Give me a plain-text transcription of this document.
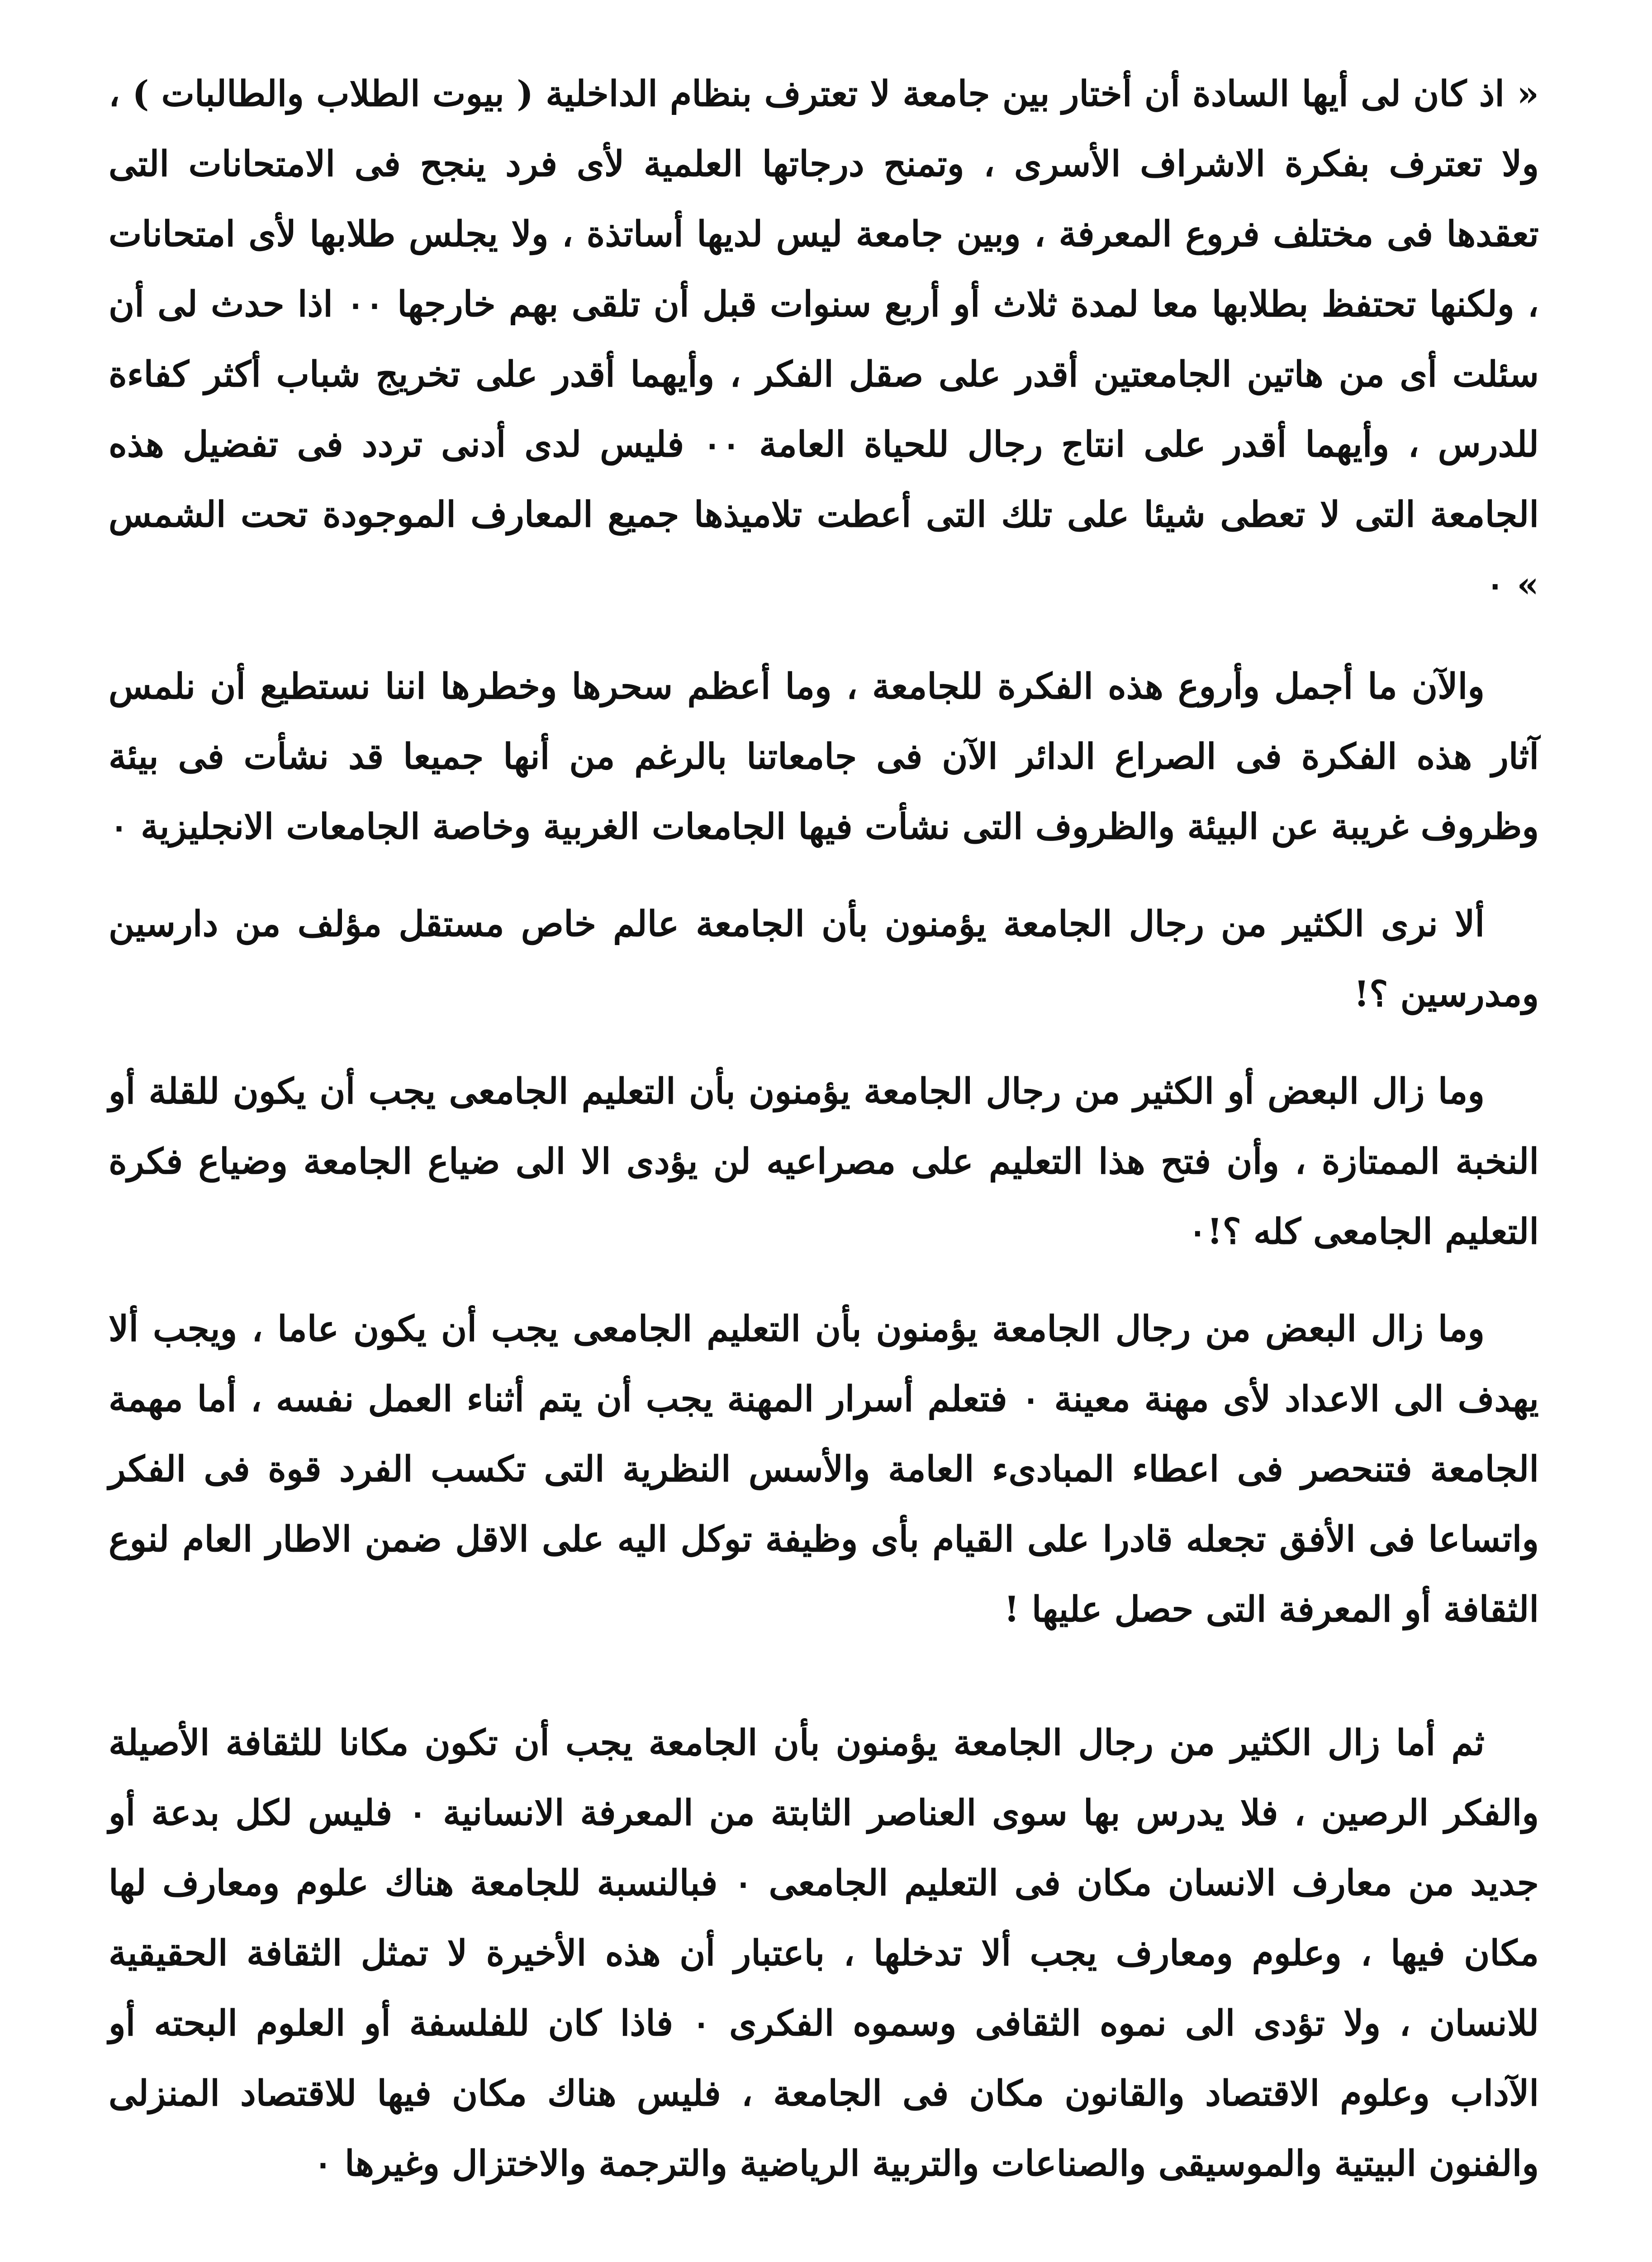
« اذ كان لى أيها السادة أن أختار بين جامعة لا تعترف بنظام الداخلية ( بيوت الطلاب والطالبات ) ، ولا تعترف بفكرة الاشراف الأسرى ، وتمنح درجاتها العلمية لأى فرد ينجح فى الامتحانات التى تعقدها فى مختلف فروع المعرفة ، وبين جامعة ليس لديها أساتذة ، ولا يجلس طلابها لأى امتحانات ، ولكنها تحتفظ بطلابها معا لمدة ثلاث أو أربع سنوات قبل أن تلقى بهم خارجها ٠٠ اذا حدث لى أن سئلت أى من هاتين الجامعتين أقدر على صقل الفكر ، وأيهما أقدر على تخريج شباب أكثر كفاءة للدرس ، وأيهما أقدر على انتاج رجال للحياة العامة ٠٠ فليس لدى أدنى تردد فى تفضيل هذه الجامعة التى لا تعطى شيئا على تلك التى أعطت تلاميذها جميع المعارف الموجودة تحت الشمس » ٠

والآن ما أجمل وأروع هذه الفكرة للجامعة ، وما أعظم سحرها وخطرها اننا نستطيع أن نلمس آثار هذه الفكرة فى الصراع الدائر الآن فى جامعاتنا بالرغم من أنها جميعا قد نشأت فى بيئة وظروف غريبة عن البيئة والظروف التى نشأت فيها الجامعات الغربية وخاصة الجامعات الانجليزية ٠

ألا نرى الكثير من رجال الجامعة يؤمنون بأن الجامعة عالم خاص مستقل مؤلف من دارسين ومدرسين ؟!

وما زال البعض أو الكثير من رجال الجامعة يؤمنون بأن التعليم الجامعى يجب أن يكون للقلة أو النخبة الممتازة ، وأن فتح هذا التعليم على مصراعيه لن يؤدى الا الى ضياع الجامعة وضياع فكرة التعليم الجامعى كله ؟!٠

وما زال البعض من رجال الجامعة يؤمنون بأن التعليم الجامعى يجب أن يكون عاما ، ويجب ألا يهدف الى الاعداد لأى مهنة معينة ٠ فتعلم أسرار المهنة يجب أن يتم أثناء العمل نفسه ، أما مهمة الجامعة فتنحصر فى اعطاء المبادىء العامة والأسس النظرية التى تكسب الفرد قوة فى الفكر واتساعا فى الأفق تجعله قادرا على القيام بأى وظيفة توكل اليه على الاقل ضمن الاطار العام لنوع الثقافة أو المعرفة التى حصل عليها !

ثم أما زال الكثير من رجال الجامعة يؤمنون بأن الجامعة يجب أن تكون مكانا للثقافة الأصيلة والفكر الرصين ، فلا يدرس بها سوى العناصر الثابتة من المعرفة الانسانية ٠ فليس لكل بدعة أو جديد من معارف الانسان مكان فى التعليم الجامعى ٠ فبالنسبة للجامعة هناك علوم ومعارف لها مكان فيها ، وعلوم ومعارف يجب ألا تدخلها ، باعتبار أن هذه الأخيرة لا تمثل الثقافة الحقيقية للانسان ، ولا تؤدى الى نموه الثقافى وسموه الفكرى ٠ فاذا كان للفلسفة أو العلوم البحته أو الآداب وعلوم الاقتصاد والقانون مكان فى الجامعة ، فليس هناك مكان فيها للاقتصاد المنزلى والفنون البيتية والموسيقى والصناعات والتربية الرياضية والترجمة والاختزال وغيرها ٠
